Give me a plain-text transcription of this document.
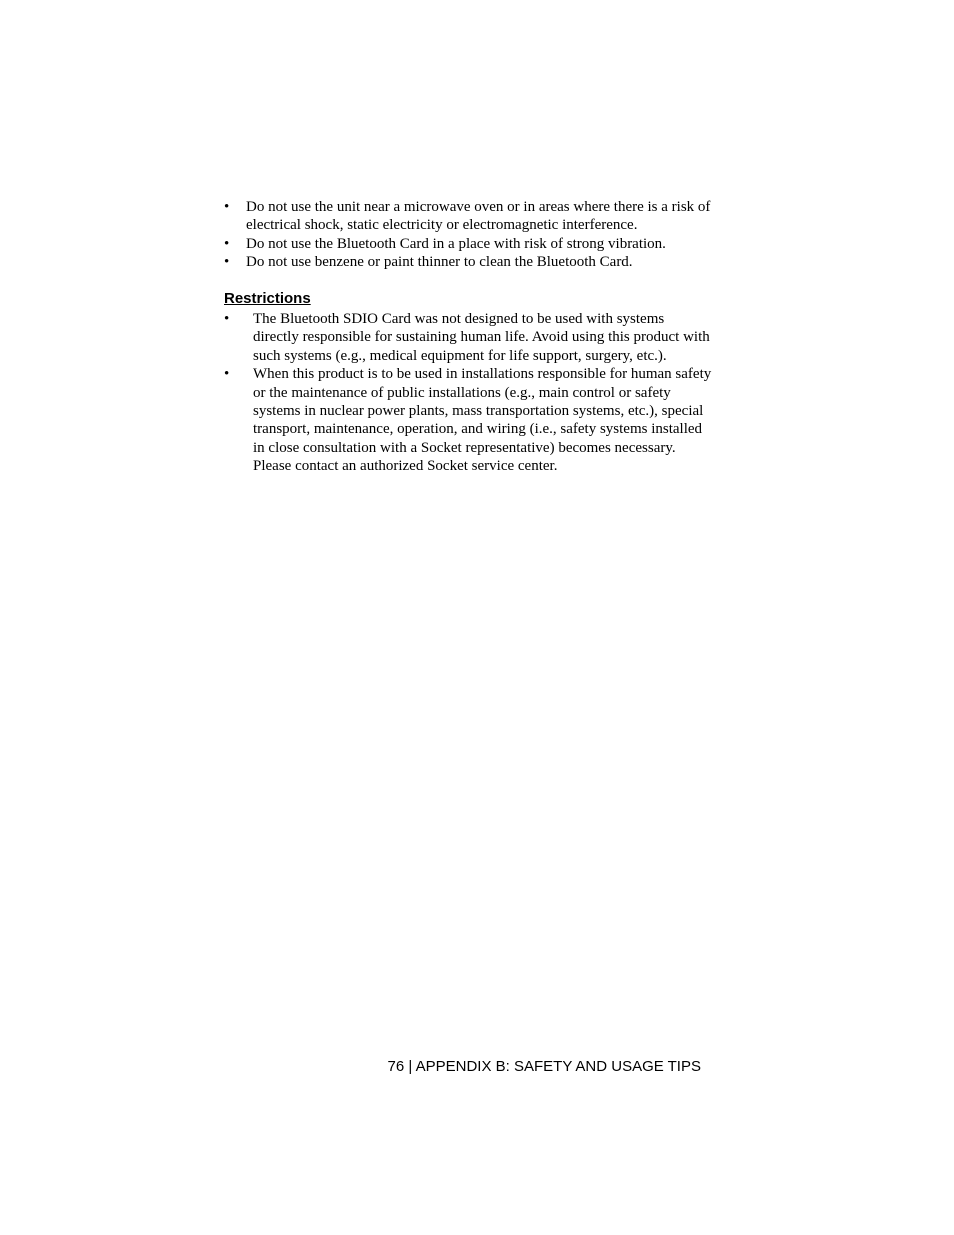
• Do not use the unit near a microwave oven or in areas where there is a risk of electrical shock, static electricity or electromagnetic interference.
• Do not use the Bluetooth Card in a place with risk of strong vibration.
• Do not use benzene or paint thinner to clean the Bluetooth Card.
Restrictions
• The Bluetooth SDIO Card was not designed to be used with systems directly responsible for sustaining human life. Avoid using this product with such systems (e.g., medical equipment for life support, surgery, etc.).
• When this product is to be used in installations responsible for human safety or the maintenance of public installations (e.g., main control or safety systems in nuclear power plants, mass transportation systems, etc.), special transport, maintenance, operation, and wiring (i.e., safety systems installed in close consultation with a Socket representative) becomes necessary. Please contact an authorized Socket service center.
76 | APPENDIX B: SAFETY AND USAGE TIPS
